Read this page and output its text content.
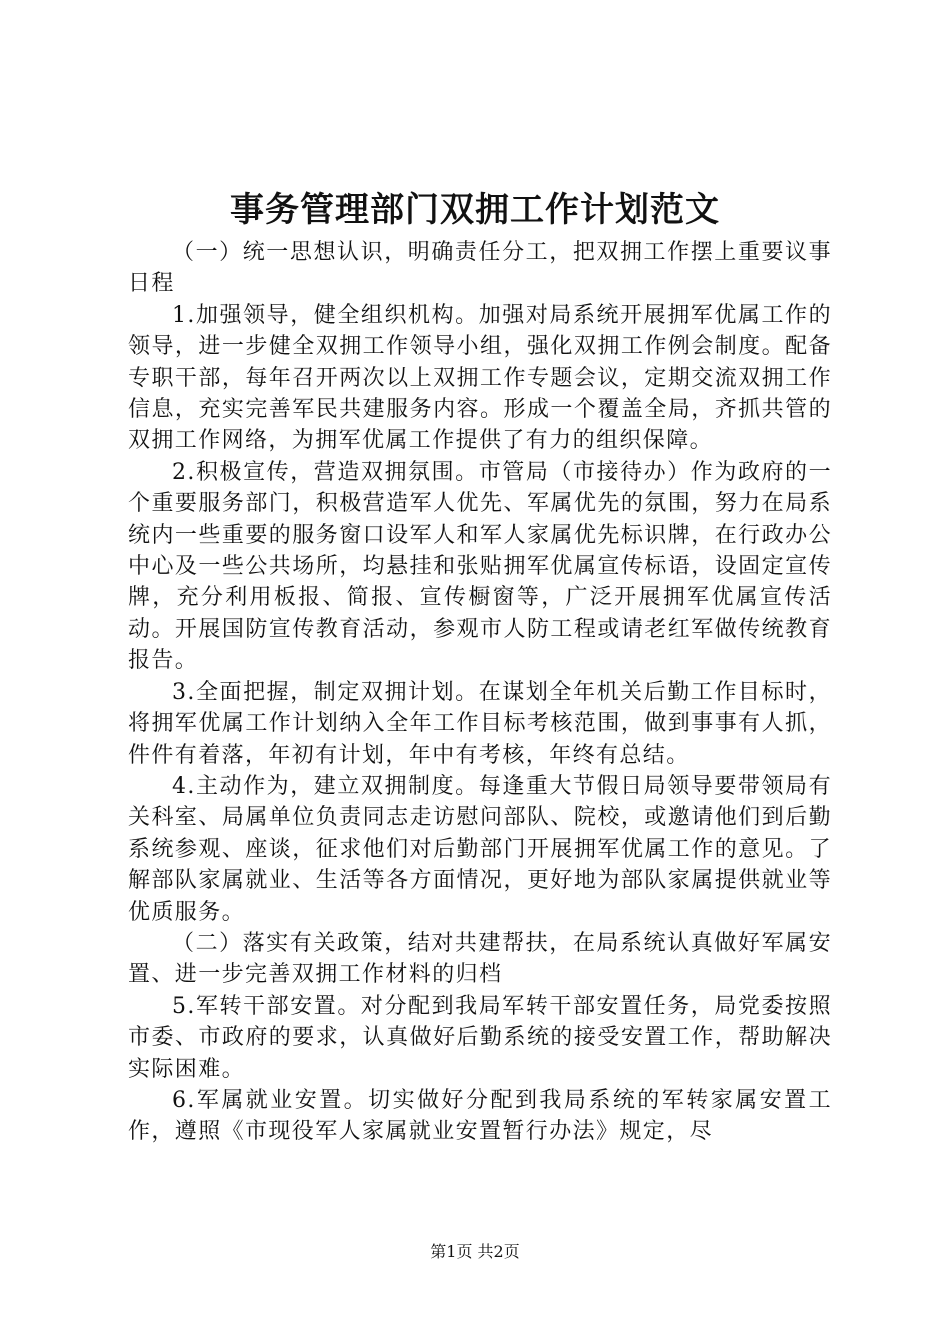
事务管理部门双拥工作计划范文

（一）统一思想认识，明确责任分工，把双拥工作摆上重要议事日程

1.加强领导，健全组织机构。加强对局系统开展拥军优属工作的领导，进一步健全双拥工作领导小组，强化双拥工作例会制度。配备专职干部，每年召开两次以上双拥工作专题会议，定期交流双拥工作信息，充实完善军民共建服务内容。形成一个覆盖全局，齐抓共管的双拥工作网络，为拥军优属工作提供了有力的组织保障。

2.积极宣传，营造双拥氛围。市管局（市接待办）作为政府的一个重要服务部门，积极营造军人优先、军属优先的氛围，努力在局系统内一些重要的服务窗口设军人和军人家属优先标识牌，在行政办公中心及一些公共场所，均悬挂和张贴拥军优属宣传标语，设固定宣传牌，充分利用板报、简报、宣传橱窗等，广泛开展拥军优属宣传活动。开展国防宣传教育活动，参观市人防工程或请老红军做传统教育报告。

3.全面把握，制定双拥计划。在谋划全年机关后勤工作目标时，将拥军优属工作计划纳入全年工作目标考核范围，做到事事有人抓，件件有着落，年初有计划，年中有考核，年终有总结。

4.主动作为，建立双拥制度。每逢重大节假日局领导要带领局有关科室、局属单位负责同志走访慰问部队、院校，或邀请他们到后勤系统参观、座谈，征求他们对后勤部门开展拥军优属工作的意见。了解部队家属就业、生活等各方面情况，更好地为部队家属提供就业等优质服务。

（二）落实有关政策，结对共建帮扶，在局系统认真做好军属安置、进一步完善双拥工作材料的归档

5.军转干部安置。对分配到我局军转干部安置任务，局党委按照市委、市政府的要求，认真做好后勤系统的接受安置工作，帮助解决实际困难。

6.军属就业安置。切实做好分配到我局系统的军转家属安置工作，遵照《市现役军人家属就业安置暂行办法》规定，尽

第1页 共2页
